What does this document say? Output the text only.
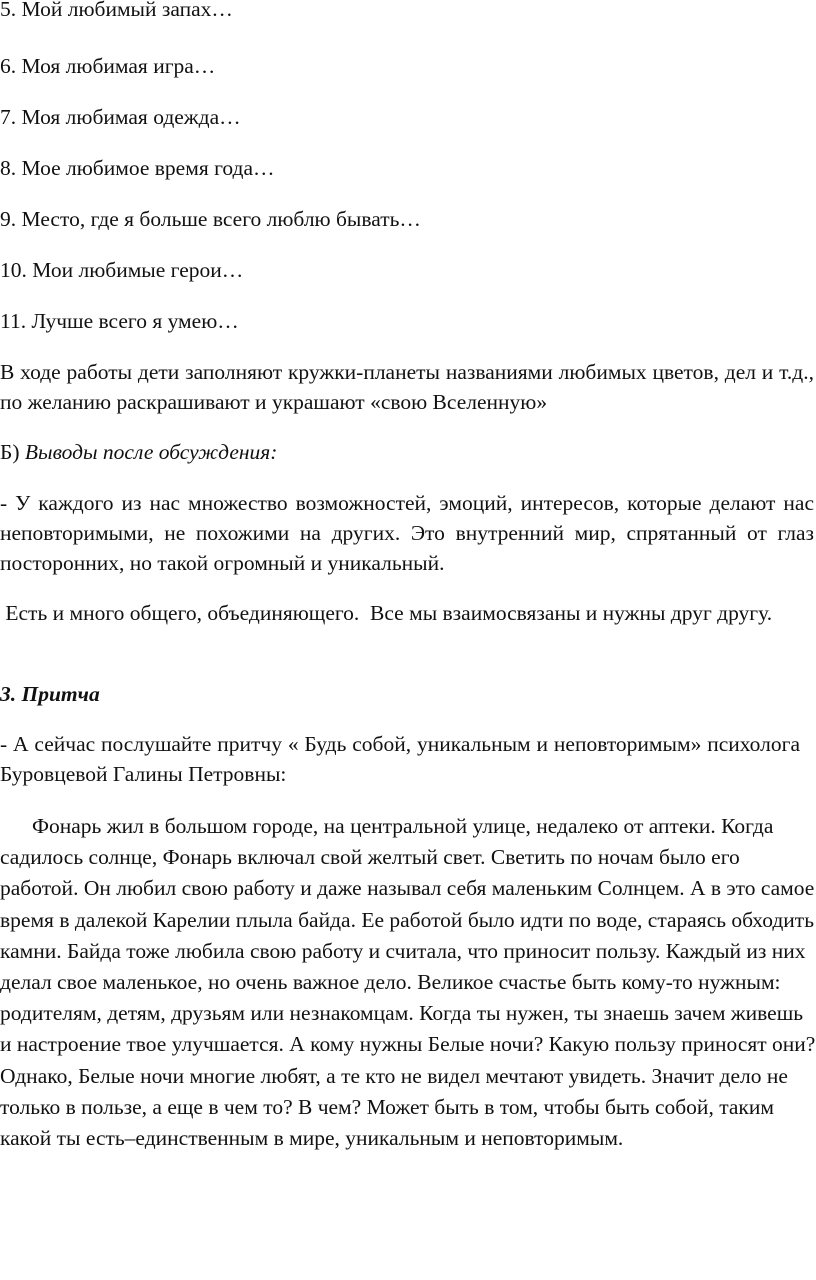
5. Мой любимый запах…

6. Моя любимая игра…

7. Моя любимая одежда…

8. Мое любимое время года…

9. Место, где я больше всего люблю бывать…

10. Мои любимые герои…

11. Лучше всего я умею…

В ходе работы дети заполняют кружки-планеты названиями любимых цветов, дел и т.д., по желанию раскрашивают и украшают «свою Вселенную»

Б) Выводы после обсуждения:

- У каждого из нас множество возможностей, эмоций, интересов, которые делают нас неповторимыми, не похожими на других. Это внутренний мир, спрятанный от глаз посторонних, но такой огромный и уникальный.

Есть и много общего, объединяющего.  Все мы взаимосвязаны и нужны друг другу.

3. Притча

- А сейчас послушайте притчу « Будь собой, уникальным и неповторимым» психолога Буровцевой Галины Петровны:

Фонарь жил в большом городе, на центральной улице, недалеко от аптеки. Когда садилось солнце, Фонарь включал свой желтый свет. Светить по ночам было его работой. Он любил свою работу и даже называл себя маленьким Солнцем. А в это самое время в далекой Карелии плыла байда. Ее работой было идти по воде, стараясь обходить камни. Байда тоже любила свою работу и считала, что приносит пользу. Каждый из них делал свое маленькое, но очень важное дело. Великое счастье быть кому-то нужным: родителям, детям, друзьям или незнакомцам. Когда ты нужен, ты знаешь зачем живешь и настроение твое улучшается. А кому нужны Белые ночи? Какую пользу приносят они? Однако, Белые ночи многие любят, а те кто не видел мечтают увидеть. Значит дело не только в пользе, а еще в чем то? В чем? Может быть в том, чтобы быть собой, таким какой ты есть–единственным в мире, уникальным и неповторимым.
